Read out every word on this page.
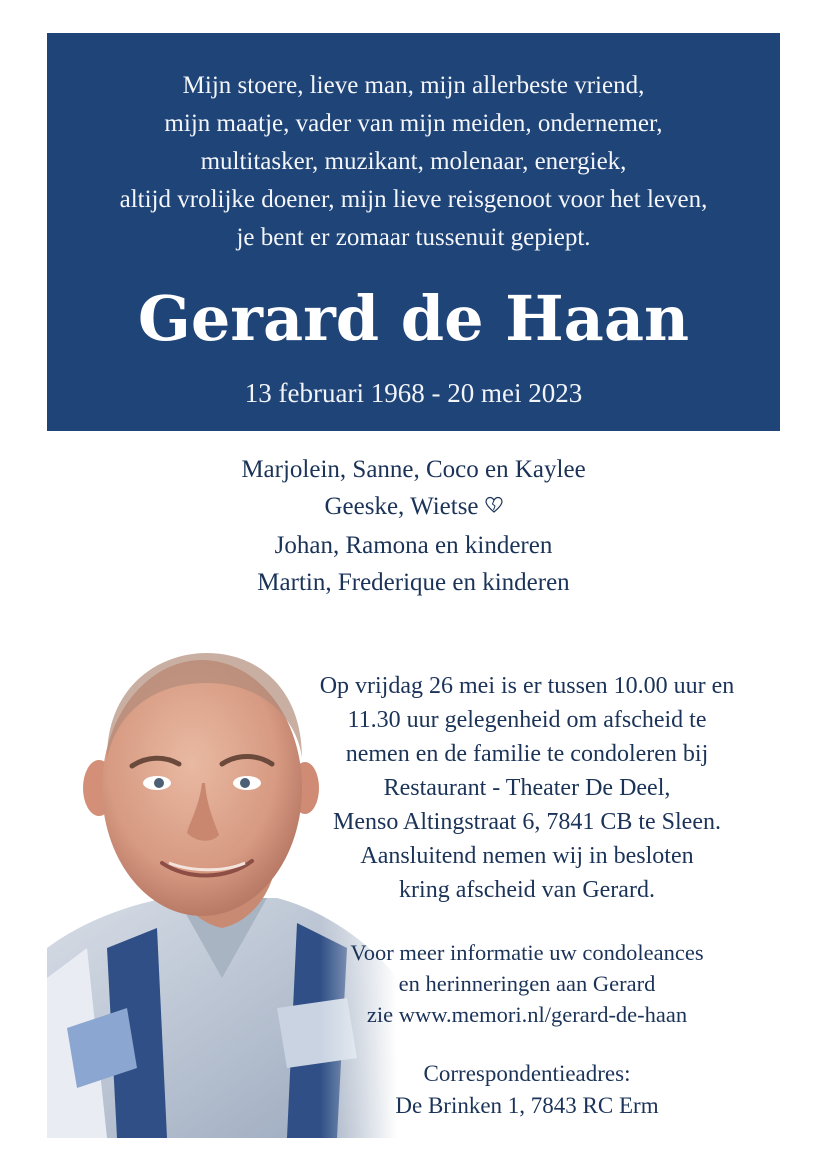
Mijn stoere, lieve man, mijn allerbeste vriend,
mijn maatje, vader van mijn meiden, ondernemer,
multitasker, muzikant, molenaar, energiek,
altijd vrolijke doener, mijn lieve reisgenoot voor het leven,
je bent er zomaar tussenuit gepiept.
Gerard de Haan
13 februari 1968 - 20 mei 2023
Marjolein, Sanne, Coco en Kaylee
Geeske, Wietse
Johan, Ramona en kinderen
Martin, Frederique en kinderen
Op vrijdag 26 mei is er tussen 10.00 uur en
11.30 uur gelegenheid om afscheid te
nemen en de familie te condoleren bij
Restaurant - Theater De Deel,
Menso Altingstraat 6, 7841 CB te Sleen.
Aansluitend nemen wij in besloten
kring afscheid van Gerard.
Voor meer informatie uw condoleances
en herinneringen aan Gerard
zie www.memori.nl/gerard-de-haan
Correspondentieadres:
De Brinken 1, 7843 RC Erm
